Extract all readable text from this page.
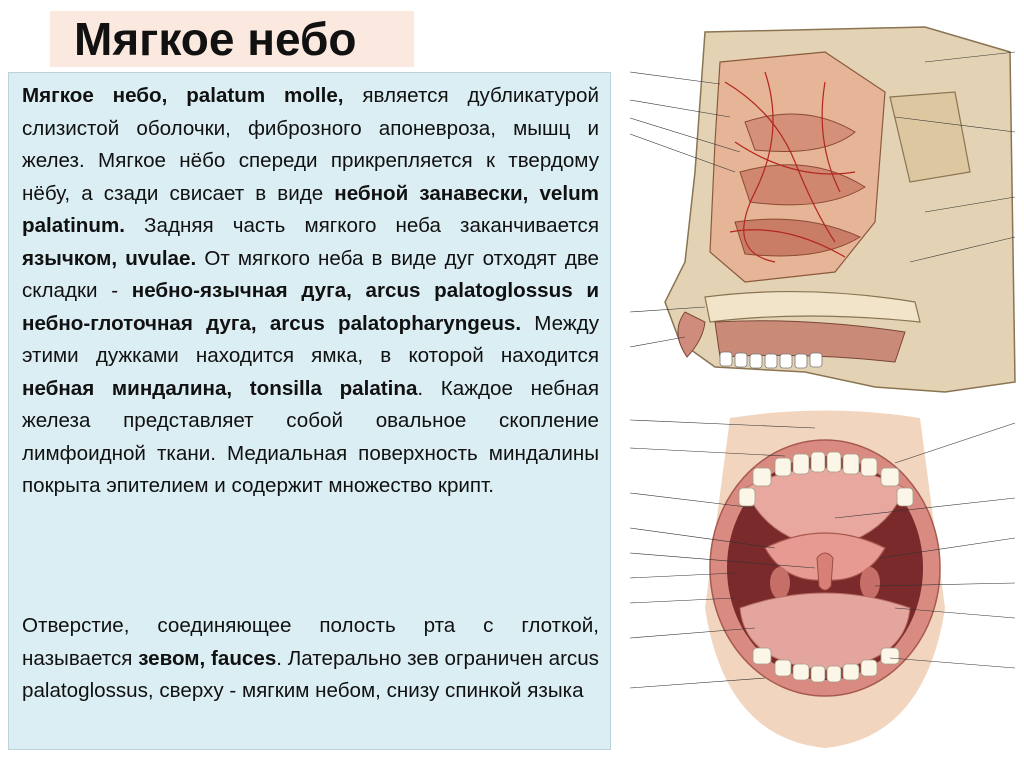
Мягкое небо

Мягкое небо, palatum molle, является дубликатурой слизистой оболочки, фиброзного апоневроза, мышц и желез. Мягкое нёбо спереди прикрепляется к твердому нёбу, а сзади свисает в виде небной занавески, velum palatinum. Задняя часть мягкого неба заканчивается язычком, uvulae. От мягкого неба в виде дуг отходят две складки - небно-язычная дуга, arcus palatoglossus и небно-глоточная дуга, arcus palatopharyngeus. Между этими дужками находится ямка, в которой находится небная миндалина, tonsilla palatina. Каждое небная железа представляет собой овальное скопление лимфоидной ткани. Медиальная поверхность миндалины покрыта эпителием и содержит множество крипт.

Отверстие, соединяющее полость рта с глоткой, называется зевом, fauces. Латерально зев ограничен arcus palatoglossus, сверху - мягким небом, снизу спинкой языка
